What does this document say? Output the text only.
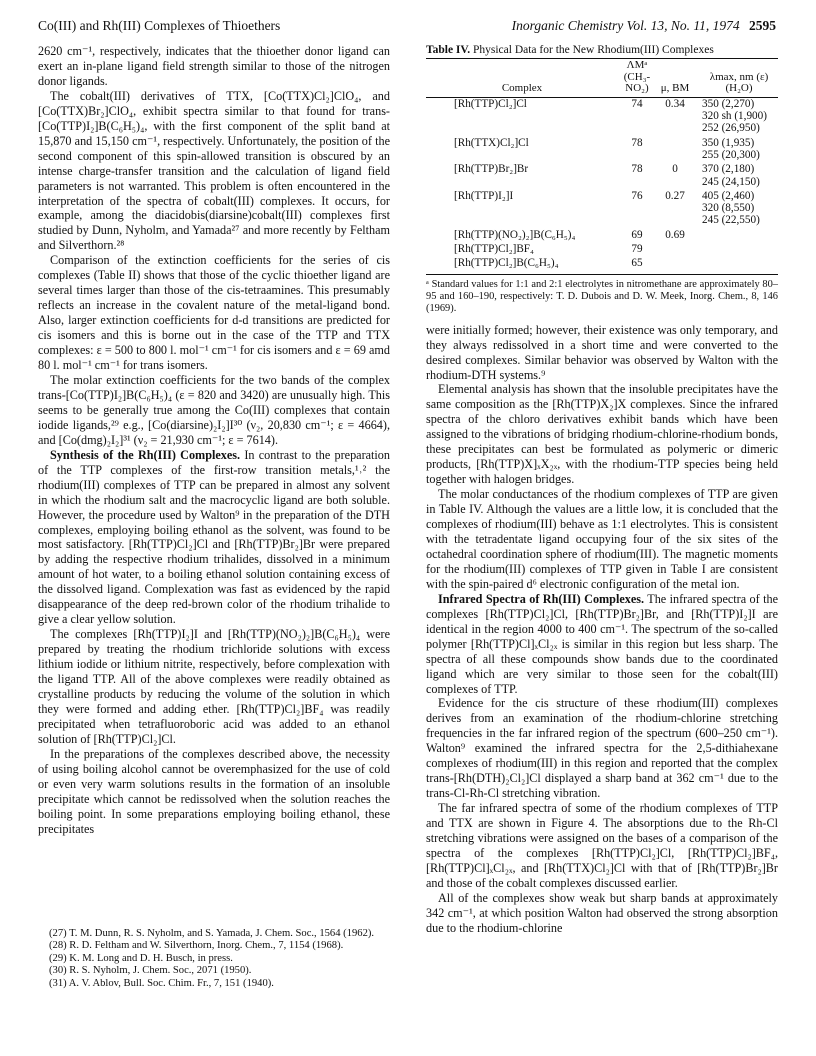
Co(III) and Rh(III) Complexes of Thioethers	Inorganic Chemistry Vol. 13, No. 11, 1974 2595

2620 cm⁻¹, respectively, indicates that the thioether donor ligand can exert an in-plane ligand field strength similar to those of the nitrogen donor ligands.

The cobalt(III) derivatives of TTX, [Co(TTX)Cl₂]ClO₄, and [Co(TTX)Br₂]ClO₄, exhibit spectra similar to that found for trans-[Co(TTP)I₂]B(C₆H₅)₄, with the first component of the split band at 15,870 and 15,150 cm⁻¹, respectively. Unfortunately, the position of the second component of this spin-allowed transition is obscured by an intense charge-transfer transition and the calculation of ligand field parameters is not warranted. This problem is often encountered in the interpretation of the spectra of cobalt(III) complexes. It occurs, for example, among the diacidobis(diarsine)cobalt(III) complexes first studied by Dunn, Nyholm, and Yamada²⁷ and more recently by Feltham and Silverthorn.²⁸

Comparison of the extinction coefficients for the series of cis complexes (Table II) shows that those of the cyclic thioether ligand are several times larger than those of the cis-tetraamines. This presumably reflects an increase in the covalent nature of the metal-ligand bond. Also, larger extinction coefficients for d-d transitions are predicted for cis isomers and this is borne out in the case of the TTP and TTX complexes: ε = 500 to 800 l. mol⁻¹ cm⁻¹ for cis isomers and ε = 69 amd 80 l. mol⁻¹ cm⁻¹ for trans isomers.

The molar extinction coefficients for the two bands of the complex trans-[Co(TTP)I₂]B(C₆H₅)₄ (ε = 820 and 3420) are unusually high. This seems to be generally true among the Co(III) complexes that contain iodide ligands,²⁹ e.g., [Co(diarsine)₂I₂]I³⁰ (ν₂, 20,830 cm⁻¹; ε = 4664), and [Co(dmg)₂I₂]³¹ (ν₂ = 21,930 cm⁻¹; ε = 7614).

Synthesis of the Rh(III) Complexes. In contrast to the preparation of the TTP complexes of the first-row transition metals,¹˒² the rhodium(III) complexes of TTP can be prepared in almost any solvent in which the rhodium salt and the macrocyclic ligand are both soluble. However, the procedure used by Walton⁹ in the preparation of the DTH complexes, employing boiling ethanol as the solvent, was found to be most satisfactory. [Rh(TTP)Cl₂]Cl and [Rh(TTP)Br₂]Br were prepared by adding the respective rhodium trihalides, dissolved in a minimum amount of hot water, to a boiling ethanol solution containing excess of the dissolved ligand. Complexation was fast as evidenced by the rapid disappearance of the deep red-brown color of the rhodium trihalide to give a clear yellow solution.

The complexes [Rh(TTP)I₂]I and [Rh(TTP)(NO₂)₂]B(C₆H₅)₄ were prepared by treating the rhodium trichloride solutions with excess lithium iodide or lithium nitrite, respectively, before complexation with the ligand TTP. All of the above complexes were readily obtained as crystalline products by reducing the volume of the solution in which they were formed and adding ether. [Rh(TTP)Cl₂]BF₄ was readily precipitated when tetrafluoroboric acid was added to an ethanol solution of [Rh(TTP)Cl₂]Cl.

In the preparations of the complexes described above, the necessity of using boiling alcohol cannot be overemphasized for the use of cold or even very warm solutions results in the formation of an insoluble precipitate which cannot be redissolved when the solution reaches the boiling point. In some preparations employing boiling ethanol, these precipitates

(27) T. M. Dunn, R. S. Nyholm, and S. Yamada, J. Chem. Soc., 1564 (1962).
(28) R. D. Feltham and W. Silverthorn, Inorg. Chem., 7, 1154 (1968).
(29) K. M. Long and D. H. Busch, in press.
(30) R. S. Nyholm, J. Chem. Soc., 2071 (1950).
(31) A. V. Ablov, Bull. Soc. Chim. Fr., 7, 151 (1940).
Table IV. Physical Data for the New Rhodium(III) Complexes
Complex	ΛMᵃ (CH₃-NO₂)	μ, BM	λmax, nm (ε) (H₂O)
[Rh(TTP)Cl₂]Cl	74	0.34	350 (2,270)
320 sh (1,900)
252 (26,950)

[Rh(TTX)Cl₂]Cl	78		350 (1,935)
255 (20,300)

[Rh(TTP)Br₂]Br	78	0	370 (2,180)
245 (24,150)

[Rh(TTP)I₂]I	76	0.27	405 (2,460)
320 (8,550)
245 (22,550)

[Rh(TTP)(NO₂)₂]B(C₆H₅)₄	69	0.69	
[Rh(TTP)Cl₂]BF₄	79		
[Rh(TTP)Cl₂]B(C₆H₅)₄	65		
ᵃ Standard values for 1:1 and 2:1 electrolytes in nitromethane are approximately 80–95 and 160–190, respectively: T. D. Dubois and D. W. Meek, Inorg. Chem., 8, 146 (1969).

were initially formed; however, their existence was only temporary, and they always redissolved in a short time and were converted to the desired complexes. Similar behavior was observed by Walton with the rhodium-DTH systems.⁹

Elemental analysis has shown that the insoluble precipitates have the same composition as the [Rh(TTP)X₂]X complexes. Since the infrared spectra of the chloro derivatives exhibit bands which have been assigned to the vibrations of bridging rhodium-chlorine-rhodium bonds, these precipitates can best be formulated as polymeric or dimeric products, [Rh(TTP)X]ₓX₂ₓ, with the rhodium-TTP species being held together with halogen bridges.

The molar conductances of the rhodium complexes of TTP are given in Table IV. Although the values are a little low, it is concluded that the complexes of rhodium(III) behave as 1:1 electrolytes. This is consistent with the tetradentate ligand occupying four of the six sites of the octahedral coordination sphere of rhodium(III). The magnetic moments for the rhodium(III) complexes of TTP given in Table I are consistent with the spin-paired d⁶ electronic configuration of the metal ion.

Infrared Spectra of Rh(III) Complexes. The infrared spectra of the complexes [Rh(TTP)Cl₂]Cl, [Rh(TTP)Br₂]Br, and [Rh(TTP)I₂]I are identical in the region 4000 to 400 cm⁻¹. The spectrum of the so-called polymer [Rh(TTP)Cl]ₓCl₂ₓ is similar in this region but less sharp. The spectra of all these compounds show bands due to the coordinated ligand which are very similar to those seen for the cobalt(III) complexes of TTP.

Evidence for the cis structure of these rhodium(III) complexes derives from an examination of the rhodium-chlorine stretching frequencies in the far infrared region of the spectrum (600–250 cm⁻¹). Walton⁹ examined the infrared spectra for the 2,5-dithiahexane complexes of rhodium(III) in this region and reported that the complex trans-[Rh(DTH)₂Cl₂]Cl displayed a sharp band at 362 cm⁻¹ due to the trans-Cl-Rh-Cl stretching vibration.

The far infrared spectra of some of the rhodium complexes of TTP and TTX are shown in Figure 4. The absorptions due to the Rh-Cl stretching vibrations were assigned on the bases of a comparison of the spectra of the complexes [Rh(TTP)Cl₂]Cl, [Rh(TTP)Cl₂]BF₄, [Rh(TTP)Cl]ₓCl₂ₓ, and [Rh(TTX)Cl₂]Cl with that of [Rh(TTP)Br₂]Br and those of the cobalt complexes discussed earlier.

All of the complexes show weak but sharp bands at approximately 342 cm⁻¹, at which position Walton had observed the strong absorption due to the rhodium-chlorine
